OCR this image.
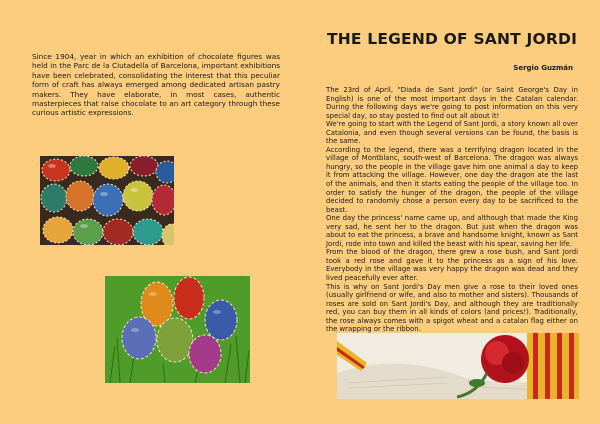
Since 1904, year in which an exhibition of chocolate figures was held in the Parc de la Ciutadella of Barcelona, important exhibitions have been celebrated, consolidating the interest that this peculiar form of craft has always emerged among dedicated artisan pastry makers. They have elaborate, in most cases, authentic masterpieces that raise chocolate to an art category through these curious artistic expressions.
THE LEGEND OF SANT JORDI
Sergio Guzmán

The 23rd of April, "Diada de Sant Jordi" (or Saint George's Day in English) is one of the most important days in the Catalan calendar. During the following days we're going to post information on this very special day, so stay posted to find out all about it!

We're going to start with the Legend of Sant Jordi, a story known all over Catalonia, and even though several versions can be found, the basis is the same.

According to the legend, there was a terrifying dragon located in the village of Montblanc, south-west of Barcelona. The dragon was always hungry, so the people in the village gave him one animal a day to keep it from attacking the village. However, one day the dragon ate the last of the animals, and then it starts eating the people of the village too. In order to satisfy the hunger of the dragon, the people of the village decided to randomly chose a person every day to be sacrificed to the beast.

One day the princess' name came up, and although that made the King very sad, he sent her to the dragon. But just when the dragon was about to eat the princess, a brave and handsome knight, known as Sant Jordi, rode into town and killed the beast with his spear, saving her life.

From the blood of the dragon, there grew a rose bush, and Sant Jordi took a red rose and gave it to the princess as a sign of his love. Everybody in the village was very happy the dragon was dead and they lived peacefully ever after.

This is why on Sant Jordi's Day men give a rose to their loved ones (usually girlfriend or wife, and also to mother and sisters). Thousands of roses are sold on Sant Jordi's Day, and although they are traditionally red, you can buy them in all kinds of colors (and prices!). Traditionally, the rose always comes with a spigot wheat and a catalan flag either on the wrapping or the ribbon.
